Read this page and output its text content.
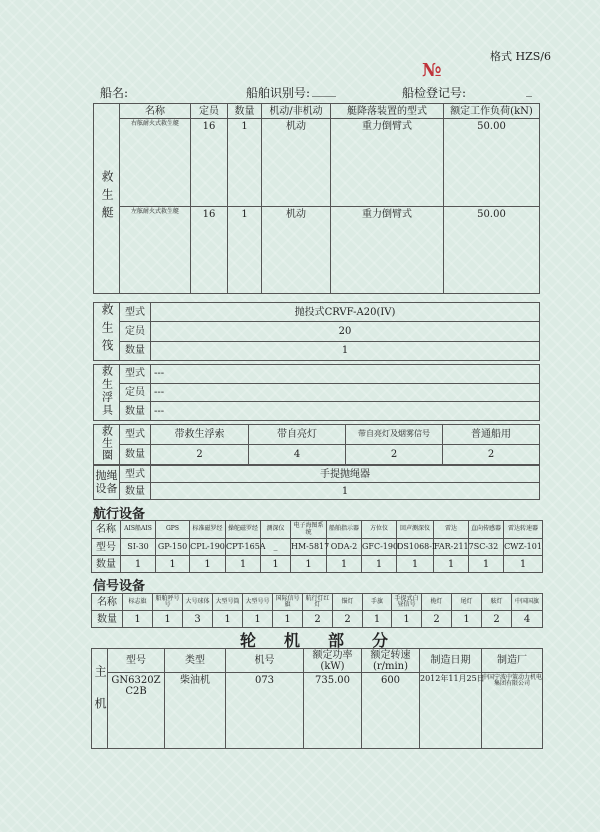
格式 HZS/6
№
船名:	船舶识别号: ____	船检登记号:	_
救生艇	名称	定员	数量	机动/非机动	艇降落装置的型式	额定工作负荷(kN)
	右舷耐火式救生艇	16	1	机动	重力倒臂式	50.00
	左舷耐火式救生艇	16	1	机动	重力倒臂式	50.00
救生筏	型式	抛投式CRVF-A20(IV)
	定员	20
	数量	1
救生浮具	型式	---
	定员	---
	数量	---
救生圈	型式	带救生浮索	带自亮灯	带自亮灯及烟雾信号	普通船用
	数量	2	4	2	2
抛绳设备	型式	手提抛绳器
	数量	1
航行设备
名称	AIS船AIS	GPS	标准磁罗经	操舵磁罗经	测深仪	电子海图系统	船舶指示器	方位仪	回声测深仪	雷达	直向传感器	雷达转速器
型号	SI-30	GP-150	CPL-190	CPT-165A	_	HM-5817	ODA-2	GFC-190	DS1068-I	FAR-2117	SC-32	CWZ-101
数量	1	1	1	1	1	1	1	1	1	1	1	1
信号设备
名称	标志旗	船舶呼号号	大号球体	大型号筒	大型号号	国际信号旗	航行灯红灯	锚灯	手旗	手提式白昼信号	桅灯	尾灯	舷灯	中国国旗
数量	1	1	3	1	1	1	2	2	1	1	2	1	2	4
轮机部分
主机	型号	类型	机号	额定功率(kW)	额定转速(r/min)	制造日期	制造厂
	GN6320ZC2B	柴油机	073	735.00	600	2012年11月25日	中国宁波中策动力机电集团有限公司
